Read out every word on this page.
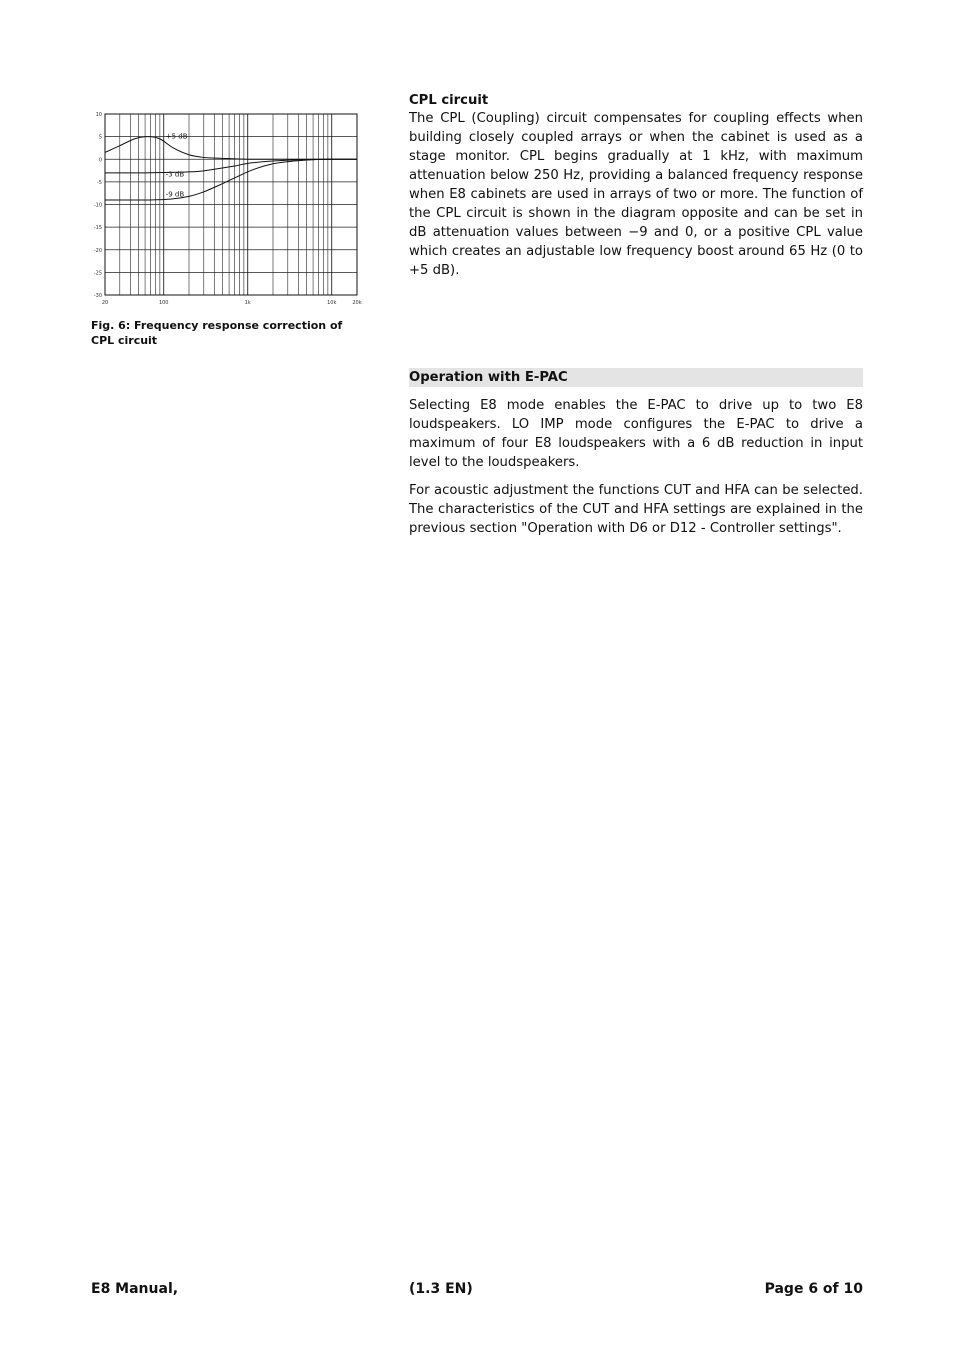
10
5
0
-5
-10
-15
-20
-25
-30
20	100	1k	10k	20k
+5 dB
-3 dB
-9 dB
Fig. 6: Frequency response correction of CPL circuit
CPL circuit

The CPL (Coupling) circuit compensates for coupling effects when building closely coupled arrays or when the cabinet is used as a stage monitor. CPL begins gradually at 1 kHz, with maximum attenuation below 250 Hz, providing a balanced frequency response when E8 cabinets are used in arrays of two or more. The function of the CPL circuit is shown in the diagram opposite and can be set in dB attenuation values between −9 and 0, or a positive CPL value which creates an adjustable low frequency boost around 65 Hz (0 to +5 dB).

Operation with E-PAC

Selecting E8 mode enables the E-PAC to drive up to two E8 loudspeakers. LO IMP mode configures the E-PAC to drive a maximum of four E8 loudspeakers with a 6 dB reduction in input level to the loudspeakers.

For acoustic adjustment the functions CUT and HFA can be selected. The characteristics of the CUT and HFA settings are explained in the previous section "Operation with D6 or D12 - Controller settings".

E8 Manual,	(1.3 EN)	Page 6 of 10
